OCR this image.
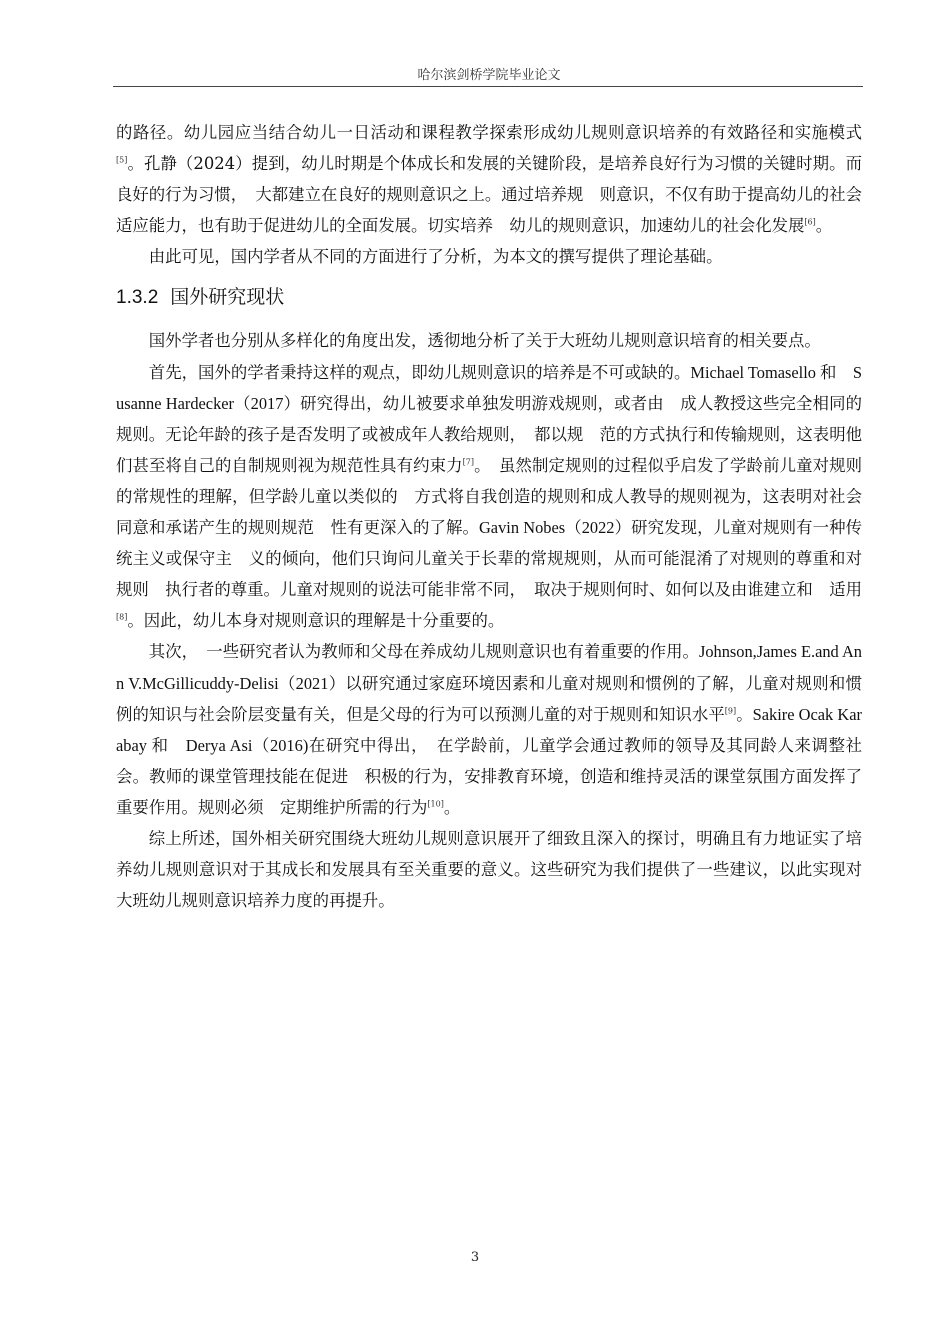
哈尔滨剑桥学院毕业论文

的路径。幼儿园应当结合幼儿一日活动和课程教学探索形成幼儿规则意识培养的有效路径和实施模式[5]。孔静（2024）提到，幼儿时期是个体成长和发展的关键阶段，是培养良好行为习惯的关键时期。而良好的行为习惯，　大都建立在良好的规则意识之上。通过培养规　则意识，不仅有助于提高幼儿的社会适应能力，也有助于促进幼儿的全面发展。切实培养　幼儿的规则意识，加速幼儿的社会化发展[6]。

由此可见，国内学者从不同的方面进行了分析，为本文的撰写提供了理论基础。

1.3.2 国外研究现状

国外学者也分别从多样化的角度出发，透彻地分析了关于大班幼儿规则意识培育的相关要点。

首先，国外的学者秉持这样的观点，即幼儿规则意识的培养是不可或缺的。Michael Tomasello 和　Susanne Hardecker（2017）研究得出，幼儿被要求单独发明游戏规则，或者由　成人教授这些完全相同的规则。无论年龄的孩子是否发明了或被成年人教给规则，　都以规　范的方式执行和传输规则，这表明他们甚至将自己的自制规则视为规范性具有约束力[7]。　虽然制定规则的过程似乎启发了学龄前儿童对规则的常规性的理解，但学龄儿童以类似的　方式将自我创造的规则和成人教导的规则视为，这表明对社会同意和承诺产生的规则规范　性有更深入的了解。Gavin Nobes（2022）研究发现，儿童对规则有一种传统主义或保守主　义的倾向，他们只询问儿童关于长辈的常规规则，从而可能混淆了对规则的尊重和对规则　执行者的尊重。儿童对规则的说法可能非常不同，　取决于规则何时、如何以及由谁建立和　适用[8]。因此，幼儿本身对规则意识的理解是十分重要的。

其次，　一些研究者认为教师和父母在养成幼儿规则意识也有着重要的作用。Johnson,James E.and Ann V.McGillicuddy-Delisi（2021）以研究通过家庭环境因素和儿童对规则和惯例的了解，儿童对规则和惯例的知识与社会阶层变量有关，但是父母的行为可以预测儿童的对于规则和知识水平[9]。Sakire Ocak Karabay 和　Derya Asi（2016)在研究中得出，　在学龄前，儿童学会通过教师的领导及其同龄人来调整社会。教师的课堂管理技能在促进　积极的行为，安排教育环境，创造和维持灵活的课堂氛围方面发挥了重要作用。规则必须　定期维护所需的行为[10]。

综上所述，国外相关研究围绕大班幼儿规则意识展开了细致且深入的探讨，明确且有力地证实了培养幼儿规则意识对于其成长和发展具有至关重要的意义。这些研究为我们提供了一些建议，以此实现对大班幼儿规则意识培养力度的再提升。

3
